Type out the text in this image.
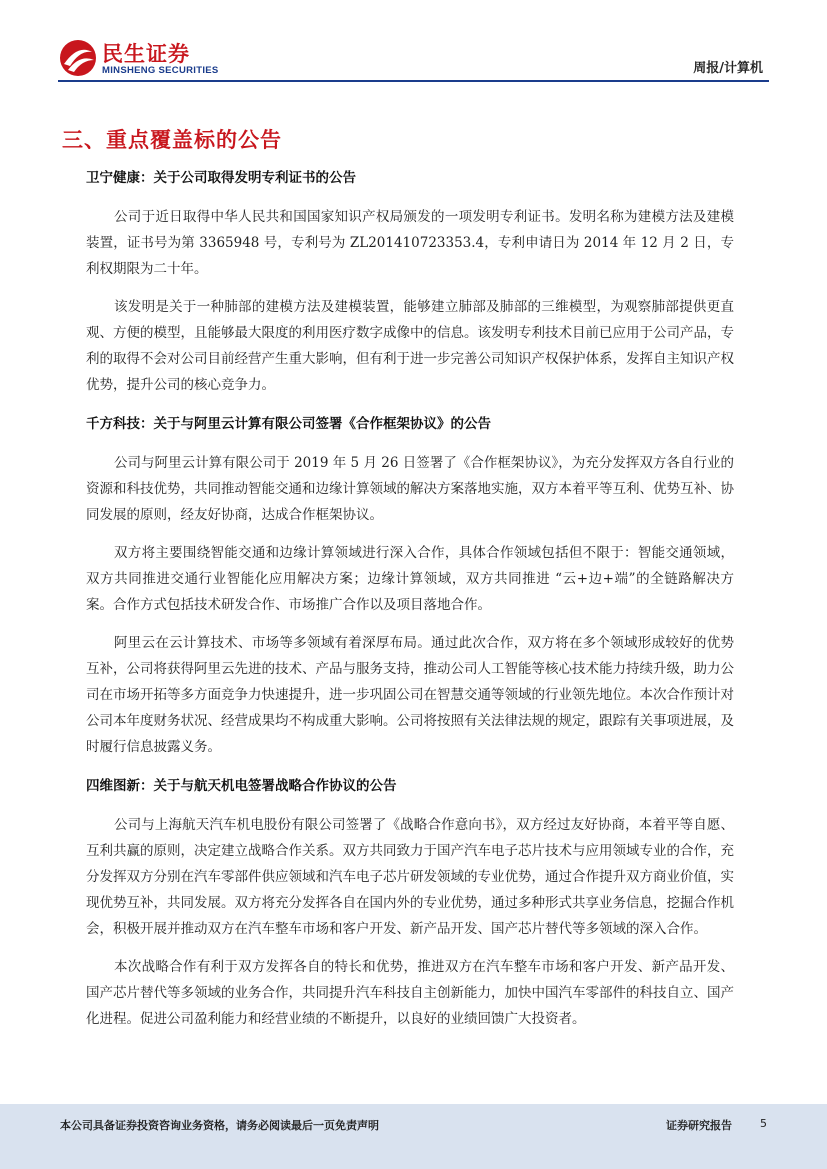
民生证券
MINSHENG SECURITIES	周报/计算机
三、重点覆盖标的公告
卫宁健康：关于公司取得发明专利证书的公告

公司于近日取得中华人民共和国国家知识产权局颁发的一项发明专利证书。发明名称为建模方法及建模装置，证书号为第 3365948 号，专利号为 ZL201410723353.4，专利申请日为 2014 年 12 月 2 日，专利权期限为二十年。

该发明是关于一种肺部的建模方法及建模装置，能够建立肺部及肺部的三维模型，为观察肺部提供更直观、方便的模型，且能够最大限度的利用医疗数字成像中的信息。该发明专利技术目前已应用于公司产品，专利的取得不会对公司目前经营产生重大影响，但有利于进一步完善公司知识产权保护体系，发挥自主知识产权优势，提升公司的核心竞争力。

千方科技：关于与阿里云计算有限公司签署《合作框架协议》的公告

公司与阿里云计算有限公司于 2019 年 5 月 26 日签署了《合作框架协议》，为充分发挥双方各自行业的资源和科技优势，共同推动智能交通和边缘计算领域的解决方案落地实施，双方本着平等互利、优势互补、协同发展的原则，经友好协商，达成合作框架协议。

双方将主要围绕智能交通和边缘计算领域进行深入合作，具体合作领域包括但不限于：智能交通领域，双方共同推进交通行业智能化应用解决方案；边缘计算领域，双方共同推进 “云+边+端”的全链路解决方案。合作方式包括技术研发合作、市场推广合作以及项目落地合作。

阿里云在云计算技术、市场等多领域有着深厚布局。通过此次合作，双方将在多个领域形成较好的优势互补，公司将获得阿里云先进的技术、产品与服务支持，推动公司人工智能等核心技术能力持续升级，助力公司在市场开拓等多方面竞争力快速提升，进一步巩固公司在智慧交通等领域的行业领先地位。本次合作预计对公司本年度财务状况、经营成果均不构成重大影响。公司将按照有关法律法规的规定，跟踪有关事项进展，及时履行信息披露义务。

四维图新：关于与航天机电签署战略合作协议的公告

公司与上海航天汽车机电股份有限公司签署了《战略合作意向书》，双方经过友好协商，本着平等自愿、互利共赢的原则，决定建立战略合作关系。双方共同致力于国产汽车电子芯片技术与应用领域专业的合作，充分发挥双方分别在汽车零部件供应领域和汽车电子芯片研发领域的专业优势，通过合作提升双方商业价值，实现优势互补，共同发展。双方将充分发挥各自在国内外的专业优势，通过多种形式共享业务信息，挖掘合作机会，积极开展并推动双方在汽车整车市场和客户开发、新产品开发、国产芯片替代等多领域的深入合作。

本次战略合作有利于双方发挥各自的特长和优势，推进双方在汽车整车市场和客户开发、新产品开发、国产芯片替代等多领域的业务合作，共同提升汽车科技自主创新能力，加快中国汽车零部件的科技自立、国产化进程。促进公司盈利能力和经营业绩的不断提升，以良好的业绩回馈广大投资者。

本公司具备证券投资咨询业务资格，请务必阅读最后一页免责声明	证券研究报告	5
